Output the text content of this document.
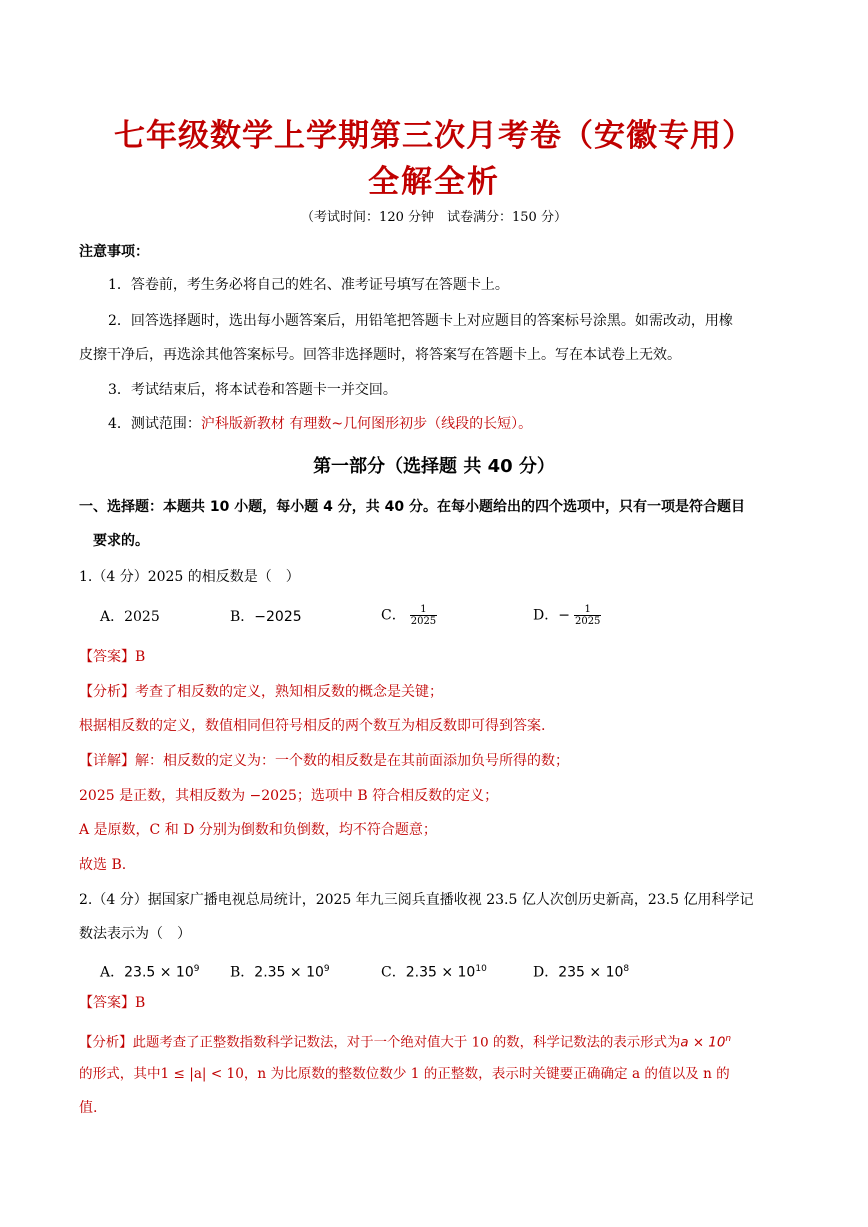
七年级数学上学期第三次月考卷（安徽专用）
全解全析
（考试时间：120 分钟　试卷满分：150 分）
注意事项：
1．答卷前，考生务必将自己的姓名、准考证号填写在答题卡上。
2．回答选择题时，选出每小题答案后，用铅笔把答题卡上对应题目的答案标号涂黑。如需改动，用橡
皮擦干净后，再选涂其他答案标号。回答非选择题时，将答案写在答题卡上。写在本试卷上无效。
3．考试结束后，将本试卷和答题卡一并交回。
4．测试范围：沪科版新教材 有理数~几何图形初步（线段的长短）。
第一部分（选择题 共 40 分）
一、选择题：本题共 10 小题，每小题 4 分，共 40 分。在每小题给出的四个选项中，只有一项是符合题目
要求的。
1.（4 分）2025 的相反数是（　）
A．2025	B．−2025	C． $\frac{1}{2025}$	D．− $\frac{1}{2025}$
【答案】B
【分析】考查了相反数的定义，熟知相反数的概念是关键；
根据相反数的定义，数值相同但符号相反的两个数互为相反数即可得到答案.
【详解】解：相反数的定义为：一个数的相反数是在其前面添加负号所得的数；
2025 是正数，其相反数为 −2025；选项中 B 符合相反数的定义；
A 是原数，C 和 D 分别为倒数和负倒数，均不符合题意；
故选 B.
2.（4 分）据国家广播电视总局统计，2025 年九三阅兵直播收视 23.5 亿人次创历史新高，23.5 亿用科学记
数法表示为（　）
A．$23.5 \times 10^9$ B．$2.35 \times 10^9$	C．$2.35 \times 10^{10}$	D．$235 \times 10^8$
【答案】B
【分析】此题考查了正整数指数科学记数法，对于一个绝对值大于 10 的数，科学记数法的表示形式为$a \times 10^n$
的形式，其中1 ≤ |a| < 10，n 为比原数的整数位数少 1 的正整数，表示时关键要正确确定 a 的值以及 n 的
值.
